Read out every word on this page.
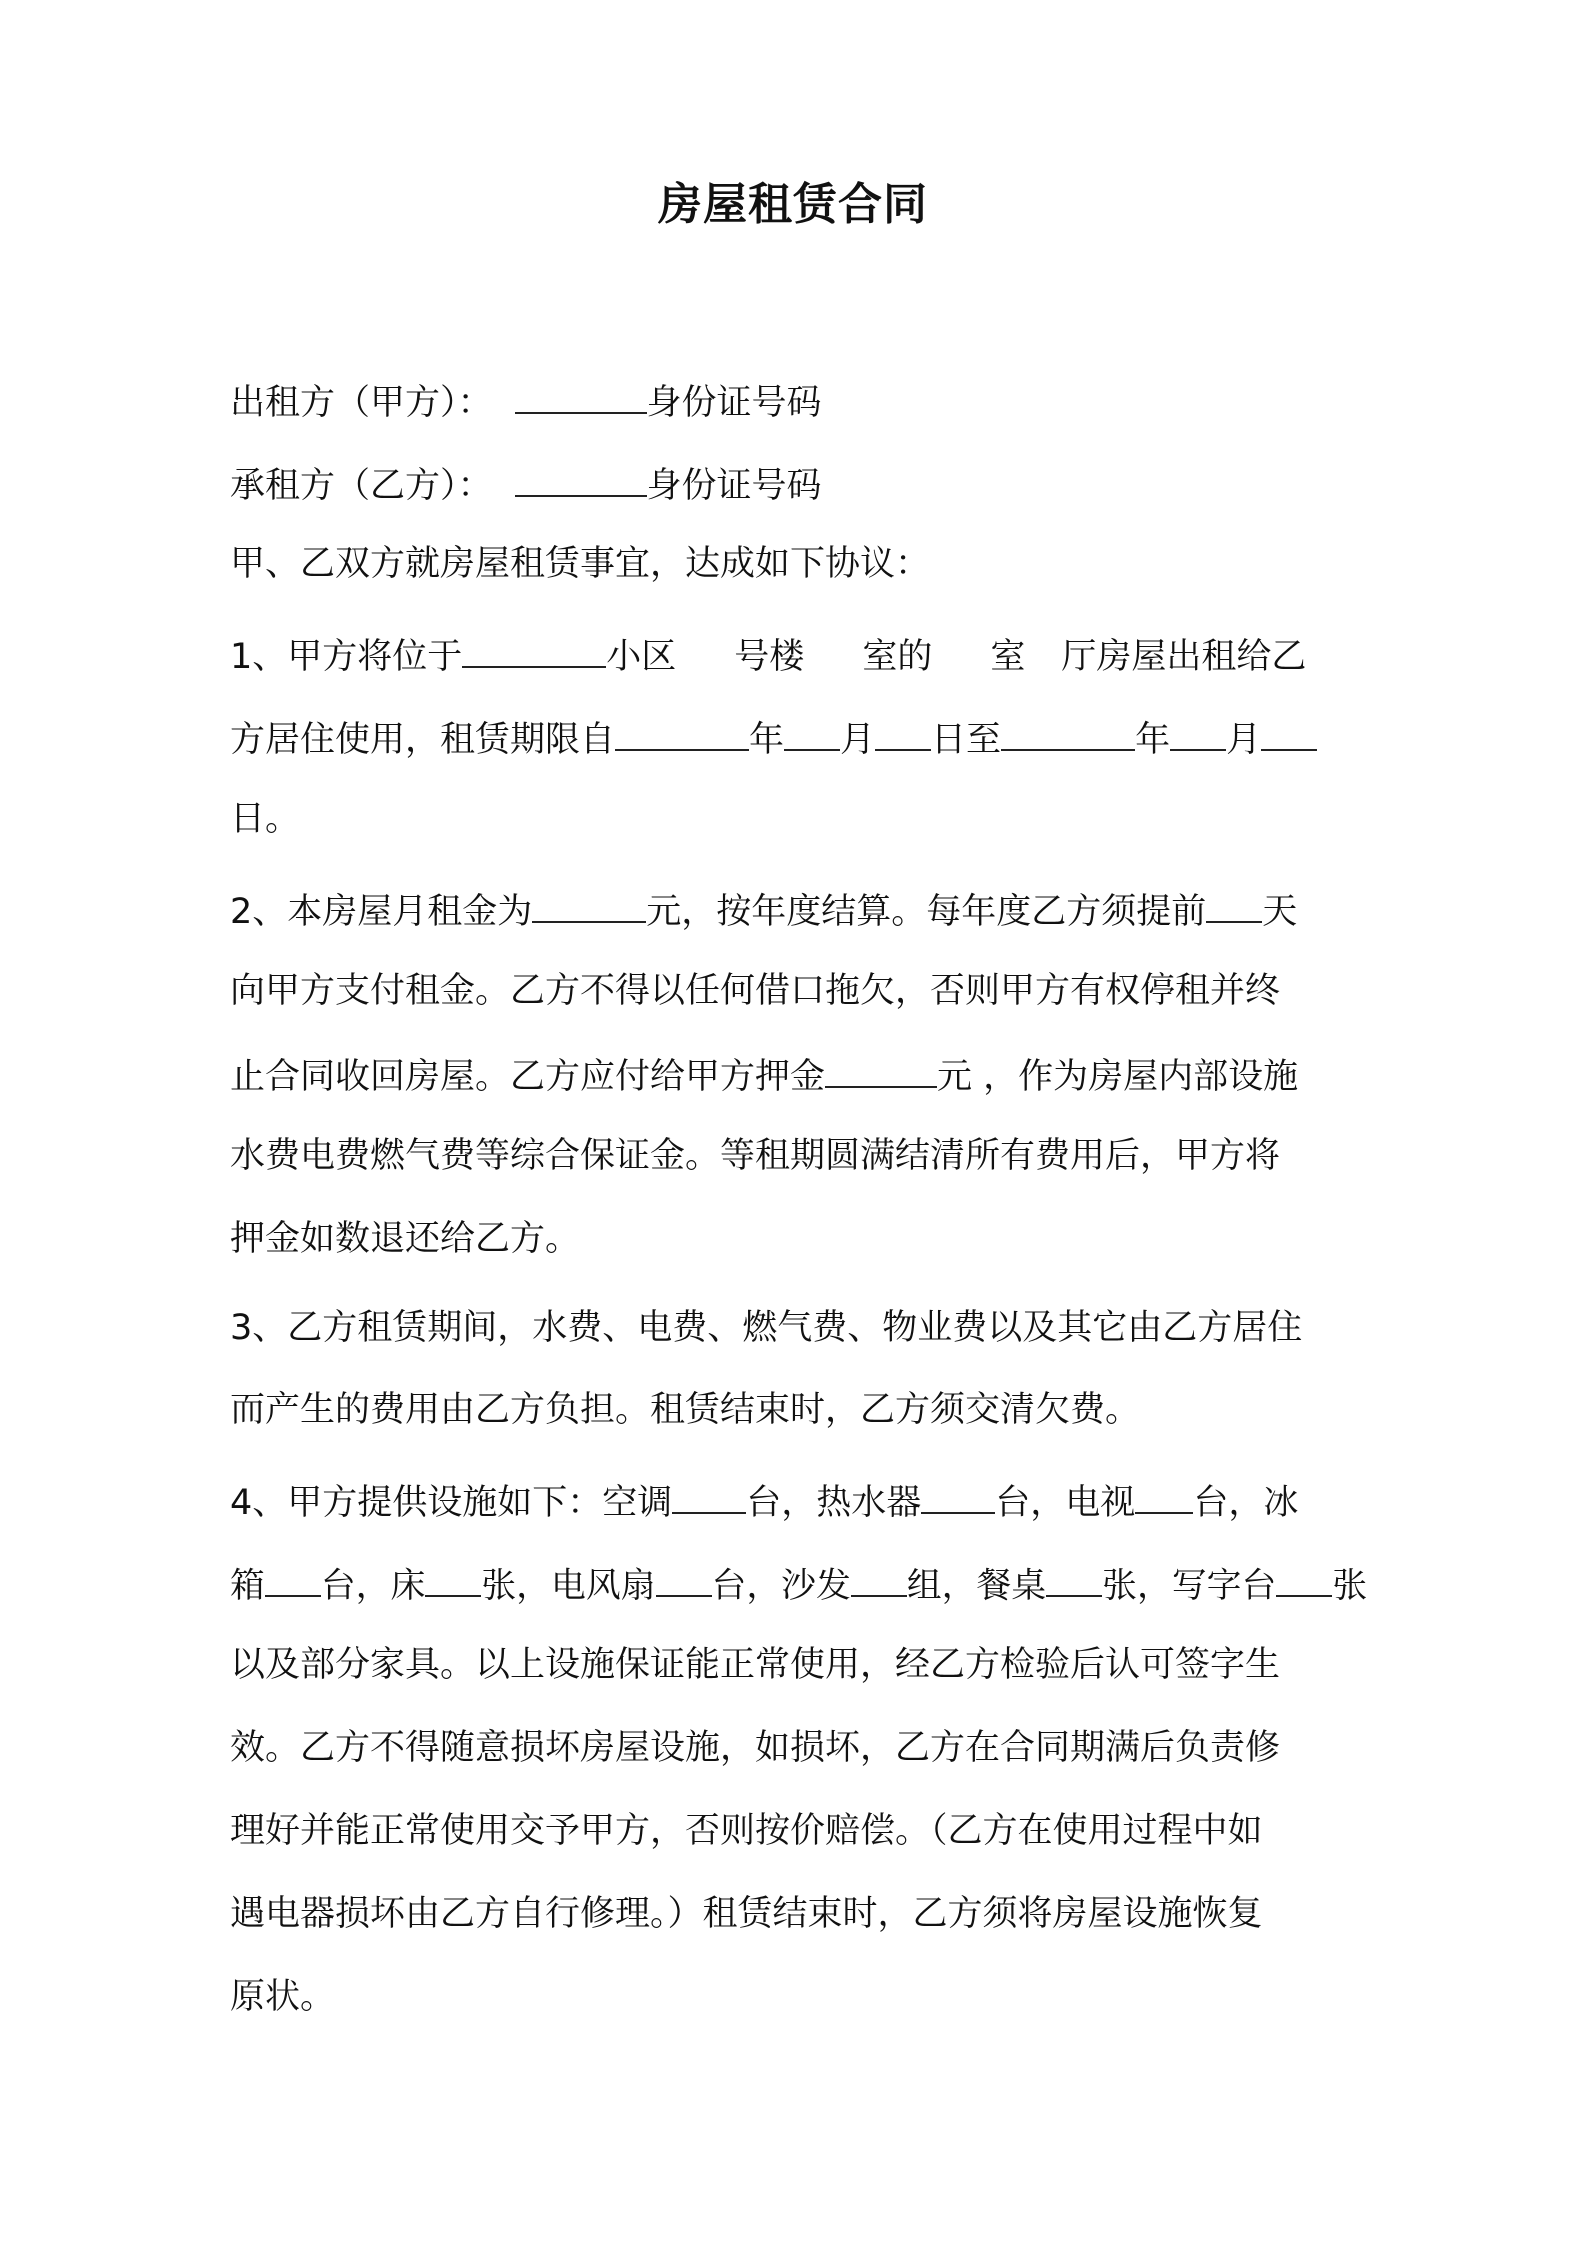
房屋租赁合同
出租方（甲方）：	身份证号码
承租方（乙方）：	身份证号码
甲、乙双方就房屋租赁事宜，达成如下协议：
1、甲方将位于	小区 号楼 室的 室 厅房屋出租给乙
方居住使用，租赁期限自	年 月 日至	年 月
日。
2、本房屋月租金为	元，按年度结算。每年度乙方须提前 天
向甲方支付租金。乙方不得以任何借口拖欠，否则甲方有权停租并终
止合同收回房屋。乙方应付给甲方押金	元 ，作为房屋内部设施
水费电费燃气费等综合保证金。等租期圆满结清所有费用后，甲方将
押金如数退还给乙方。
3、乙方租赁期间，水费、电费、燃气费、物业费以及其它由乙方居住
而产生的费用由乙方负担。租赁结束时，乙方须交清欠费。
4、甲方提供设施如下：空调 台，热水器 台，电视 台，冰
箱 台，床 张，电风扇 台，沙发 组，餐桌 张，写字台 张
以及部分家具。以上设施保证能正常使用，经乙方检验后认可签字生
效。乙方不得随意损坏房屋设施，如损坏，乙方在合同期满后负责修
理好并能正常使用交予甲方，否则按价赔偿。（乙方在使用过程中如
遇电器损坏由乙方自行修理。）租赁结束时，乙方须将房屋设施恢复
原状。
